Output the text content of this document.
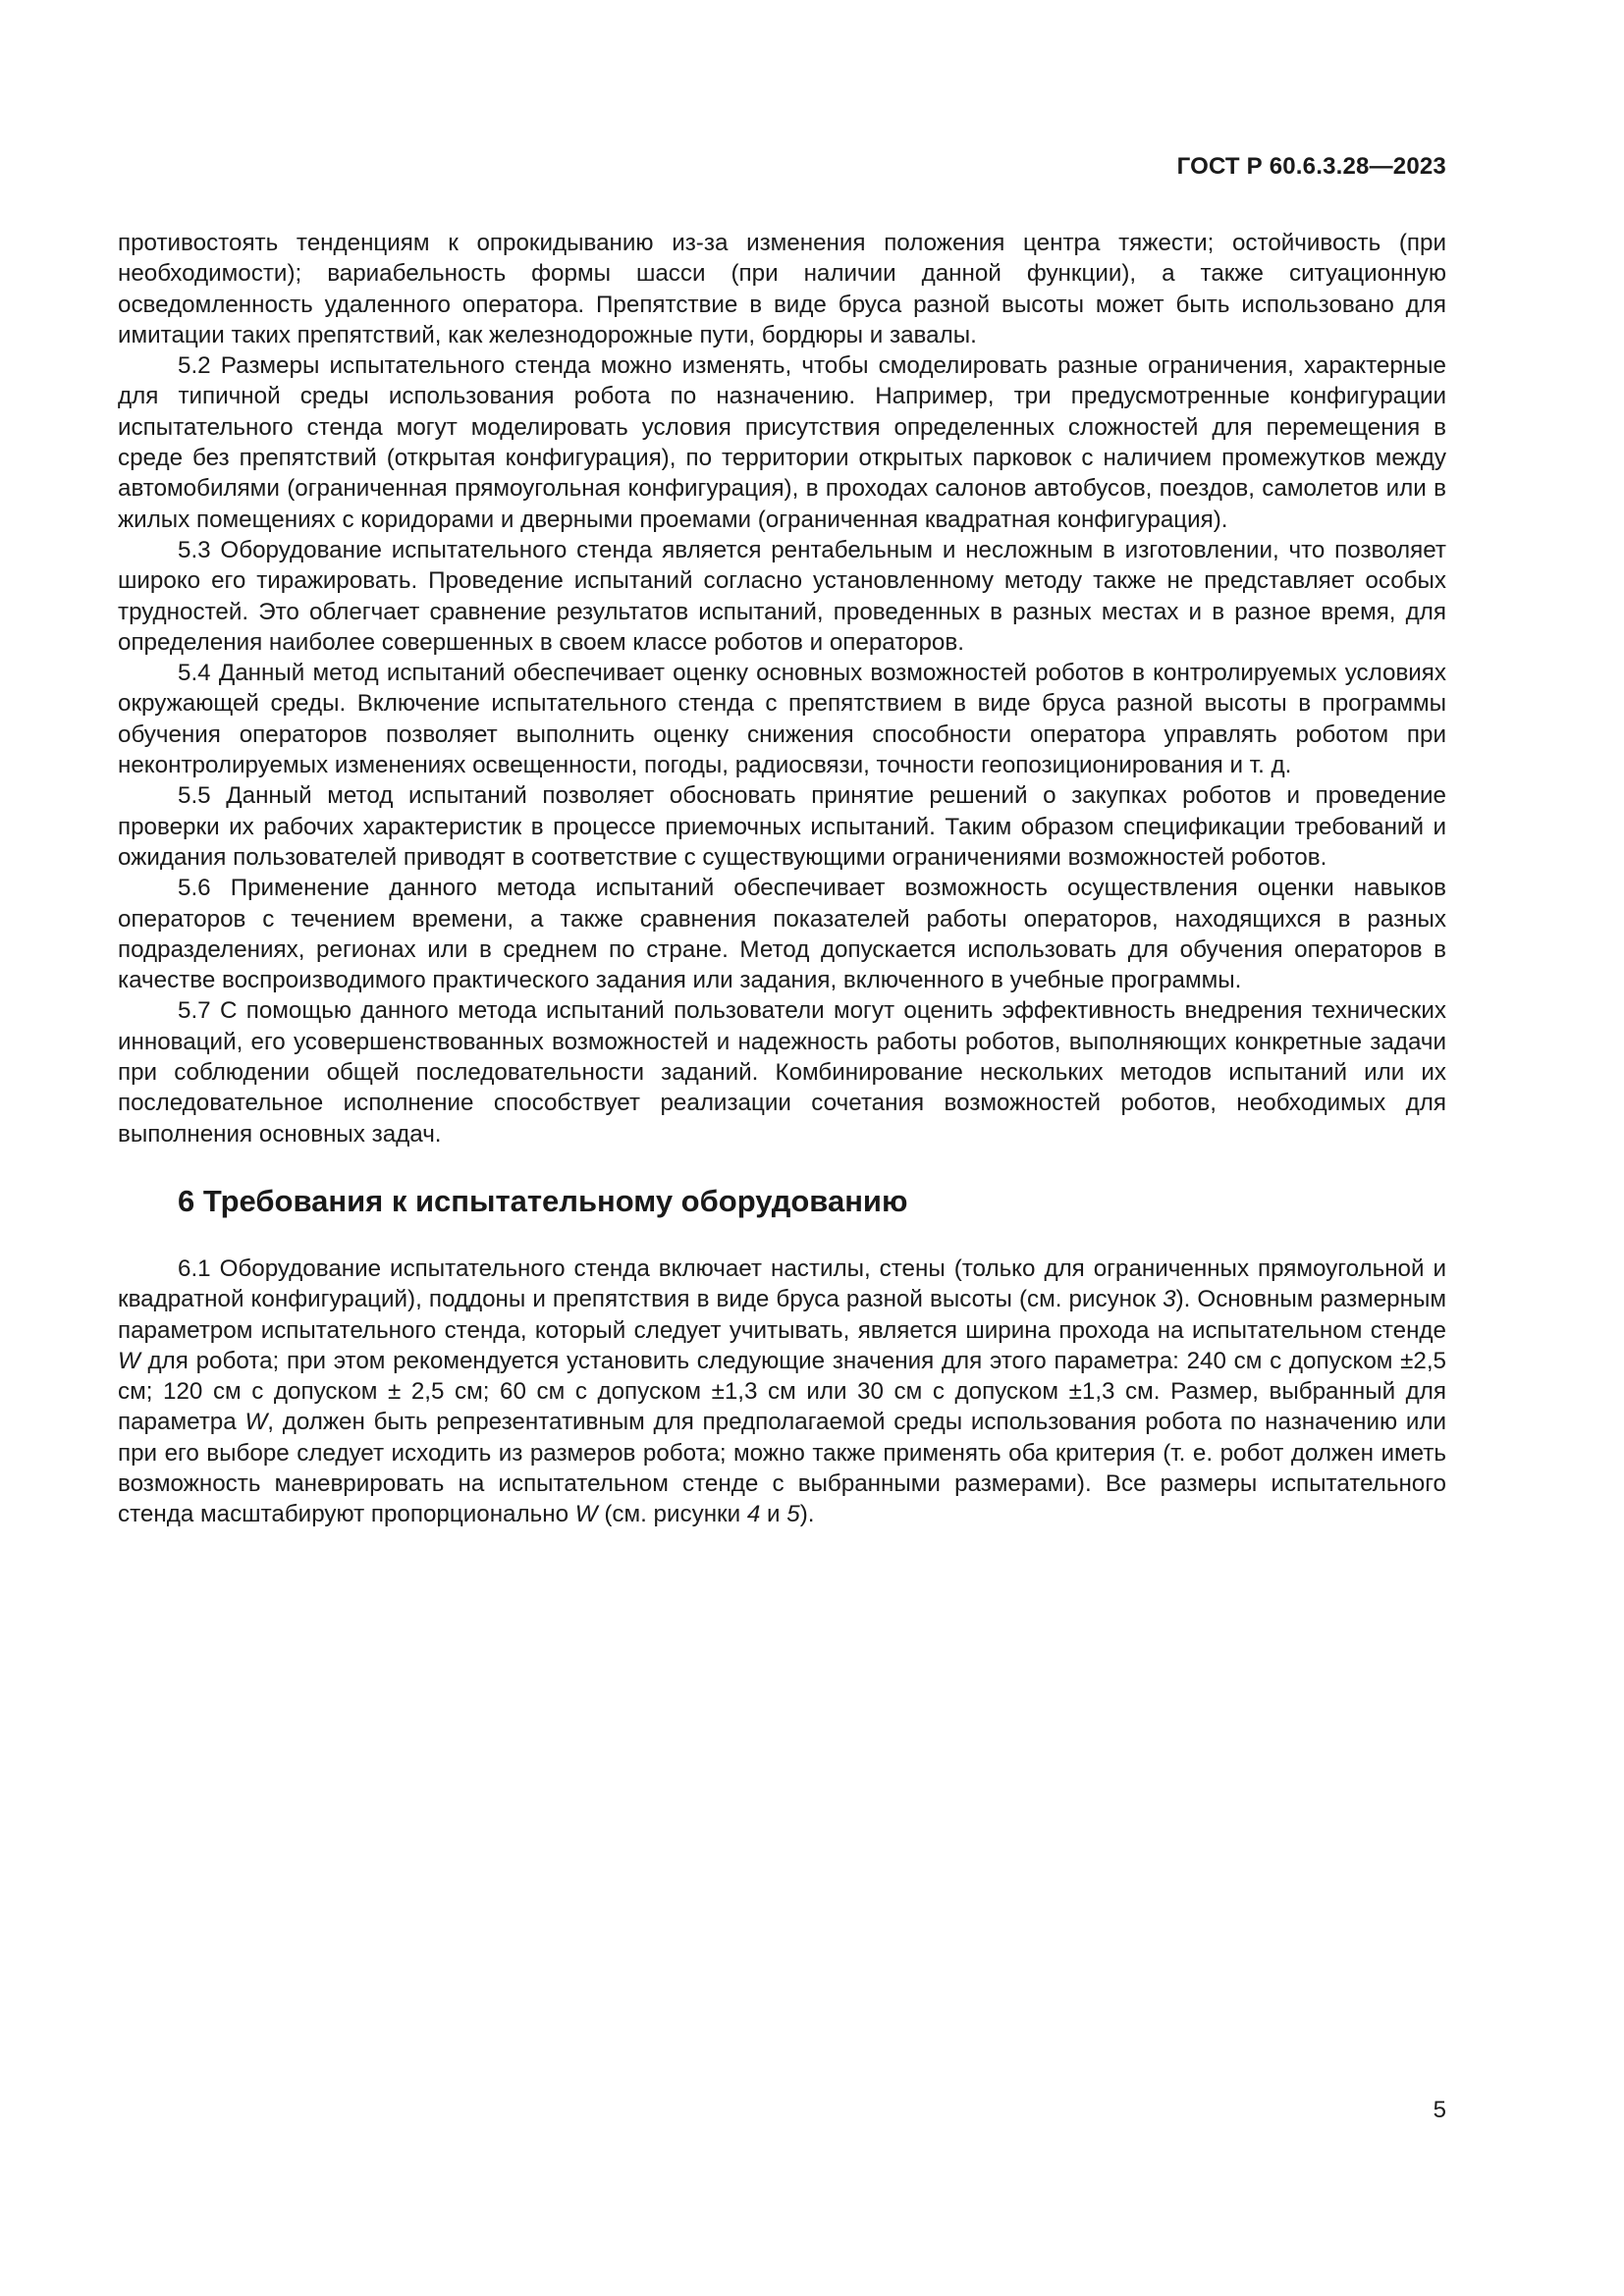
ГОСТ Р 60.6.3.28—2023

противостоять тенденциям к опрокидыванию из-за изменения положения центра тяжести; остойчивость (при необходимости); вариабельность формы шасси (при наличии данной функции), а также ситуационную осведомленность удаленного оператора. Препятствие в виде бруса разной высоты может быть использовано для имитации таких препятствий, как железнодорожные пути, бордюры и завалы.

5.2 Размеры испытательного стенда можно изменять, чтобы смоделировать разные ограничения, характерные для типичной среды использования робота по назначению. Например, три предусмотренные конфигурации испытательного стенда могут моделировать условия присутствия определенных сложностей для перемещения в среде без препятствий (открытая конфигурация), по территории открытых парковок с наличием промежутков между автомобилями (ограниченная прямоугольная конфигурация), в проходах салонов автобусов, поездов, самолетов или в жилых помещениях с коридорами и дверными проемами (ограниченная квадратная конфигурация).

5.3 Оборудование испытательного стенда является рентабельным и несложным в изготовлении, что позволяет широко его тиражировать. Проведение испытаний согласно установленному методу также не представляет особых трудностей. Это облегчает сравнение результатов испытаний, проведенных в разных местах и в разное время, для определения наиболее совершенных в своем классе роботов и операторов.

5.4 Данный метод испытаний обеспечивает оценку основных возможностей роботов в контролируемых условиях окружающей среды. Включение испытательного стенда с препятствием в виде бруса разной высоты в программы обучения операторов позволяет выполнить оценку снижения способности оператора управлять роботом при неконтролируемых изменениях освещенности, погоды, радиосвязи, точности геопозиционирования и т. д.

5.5 Данный метод испытаний позволяет обосновать принятие решений о закупках роботов и проведение проверки их рабочих характеристик в процессе приемочных испытаний. Таким образом спецификации требований и ожидания пользователей приводят в соответствие с существующими ограничениями возможностей роботов.

5.6 Применение данного метода испытаний обеспечивает возможность осуществления оценки навыков операторов с течением времени, а также сравнения показателей работы операторов, находящихся в разных подразделениях, регионах или в среднем по стране. Метод допускается использовать для обучения операторов в качестве воспроизводимого практического задания или задания, включенного в учебные программы.

5.7 С помощью данного метода испытаний пользователи могут оценить эффективность внедрения технических инноваций, его усовершенствованных возможностей и надежность работы роботов, выполняющих конкретные задачи при соблюдении общей последовательности заданий. Комбинирование нескольких методов испытаний или их последовательное исполнение способствует реализации сочетания возможностей роботов, необходимых для выполнения основных задач.

6 Требования к испытательному оборудованию

6.1 Оборудование испытательного стенда включает настилы, стены (только для ограниченных прямоугольной и квадратной конфигураций), поддоны и препятствия в виде бруса разной высоты (см. рисунок 3). Основным размерным параметром испытательного стенда, который следует учитывать, является ширина прохода на испытательном стенде W для робота; при этом рекомендуется установить следующие значения для этого параметра: 240 см с допуском ±2,5 см; 120 см с допуском ± 2,5 см; 60 см с допуском ±1,3 см или 30 см с допуском ±1,3 см. Размер, выбранный для параметра W, должен быть репрезентативным для предполагаемой среды использования робота по назначению или при его выборе следует исходить из размеров робота; можно также применять оба критерия (т. е. робот должен иметь возможность маневрировать на испытательном стенде с выбранными размерами). Все размеры испытательного стенда масштабируют пропорционально W (см. рисунки 4 и 5).

5
